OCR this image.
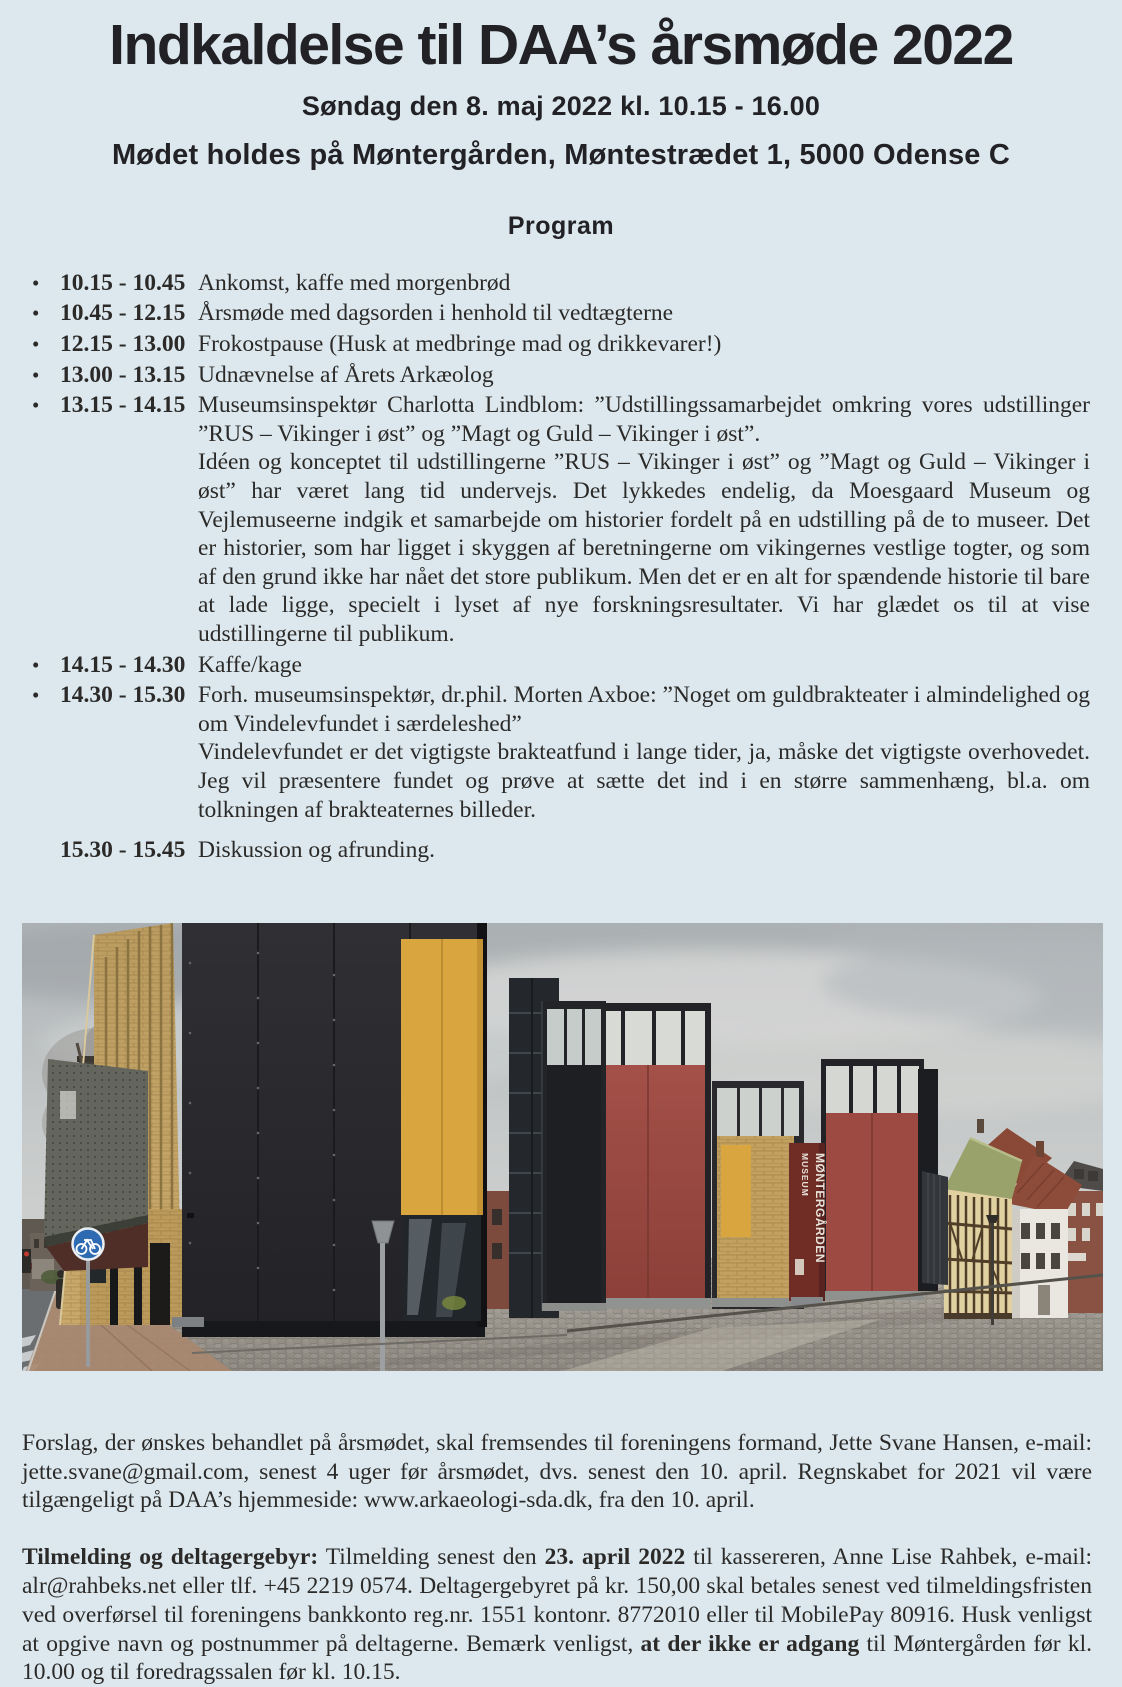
Indkaldelse til DAA’s årsmøde 2022
Søndag den 8. maj 2022 kl. 10.15 - 16.00
Mødet holdes på Møntergården, Møntestrædet 1, 5000 Odense C
Program
• 10.15 - 10.45 Ankomst, kaffe med morgenbrød
• 10.45 - 12.15 Årsmøde med dagsorden i henhold til vedtægterne
• 12.15 - 13.00 Frokostpause (Husk at medbringe mad og drikkevarer!)
• 13.00 - 13.15 Udnævnelse af Årets Arkæolog
• 13.15 - 14.15 Museumsinspektør Charlotta Lindblom: ”Udstillingssamarbejdet omkring vores udstillinger ”RUS – Vikinger i øst” og ”Magt og Guld – Vikinger i øst”.
Idéen og konceptet til udstillingerne ”RUS – Vikinger i øst” og ”Magt og Guld – Vikinger i øst” har været lang tid undervejs. Det lykkedes endelig, da Moesgaard Museum og Vejlemuseerne indgik et samarbejde om historier fordelt på en udstilling på de to museer. Det er historier, som har ligget i skyggen af beretningerne om vikingernes vestlige togter, og som af den grund ikke har nået det store publikum. Men det er en alt for spændende historie til bare at lade ligge, specielt i lyset af nye forskningsresultater. Vi har glædet os til at vise udstillingerne til publikum.
• 14.15 - 14.30 Kaffe/kage
• 14.30 - 15.30 Forh. museumsinspektør, dr.phil. Morten Axboe: ”Noget om guldbrakteater i almindelighed og om Vindelevfundet i særdeleshed”
Vindelevfundet er det vigtigste brakteatfund i lange tider, ja, måske det vigtigste overhovedet. Jeg vil præsentere fundet og prøve at sætte det ind i en større sammenhæng, bl.a. om tolkningen af brakteaternes billeder.
15.30 - 15.45 Diskussion og afrunding.
MUSEUM MØNTERGÅRDEN

Forslag, der ønskes behandlet på årsmødet, skal fremsendes til foreningens formand, Jette Svane Hansen, e-mail: jette.svane@gmail.com, senest 4 uger før årsmødet, dvs. senest den 10. april. Regnskabet for 2021 vil være tilgængeligt på DAA’s hjemmeside: www.arkaeologi-sda.dk, fra den 10. april.

Tilmelding og deltagergebyr: Tilmelding senest den 23. april 2022 til kassereren, Anne Lise Rahbek, e-mail: alr@rahbeks.net eller tlf. +45 2219 0574. Deltagergebyret på kr. 150,00 skal betales senest ved tilmeldingsfristen ved overførsel til foreningens bankkonto reg.nr. 1551 kontonr. 8772010 eller til MobilePay 80916. Husk venligst at opgive navn og postnummer på deltagerne. Bemærk venligst, at der ikke er adgang til Møntergården før kl. 10.00 og til foredragssalen før kl. 10.15.
